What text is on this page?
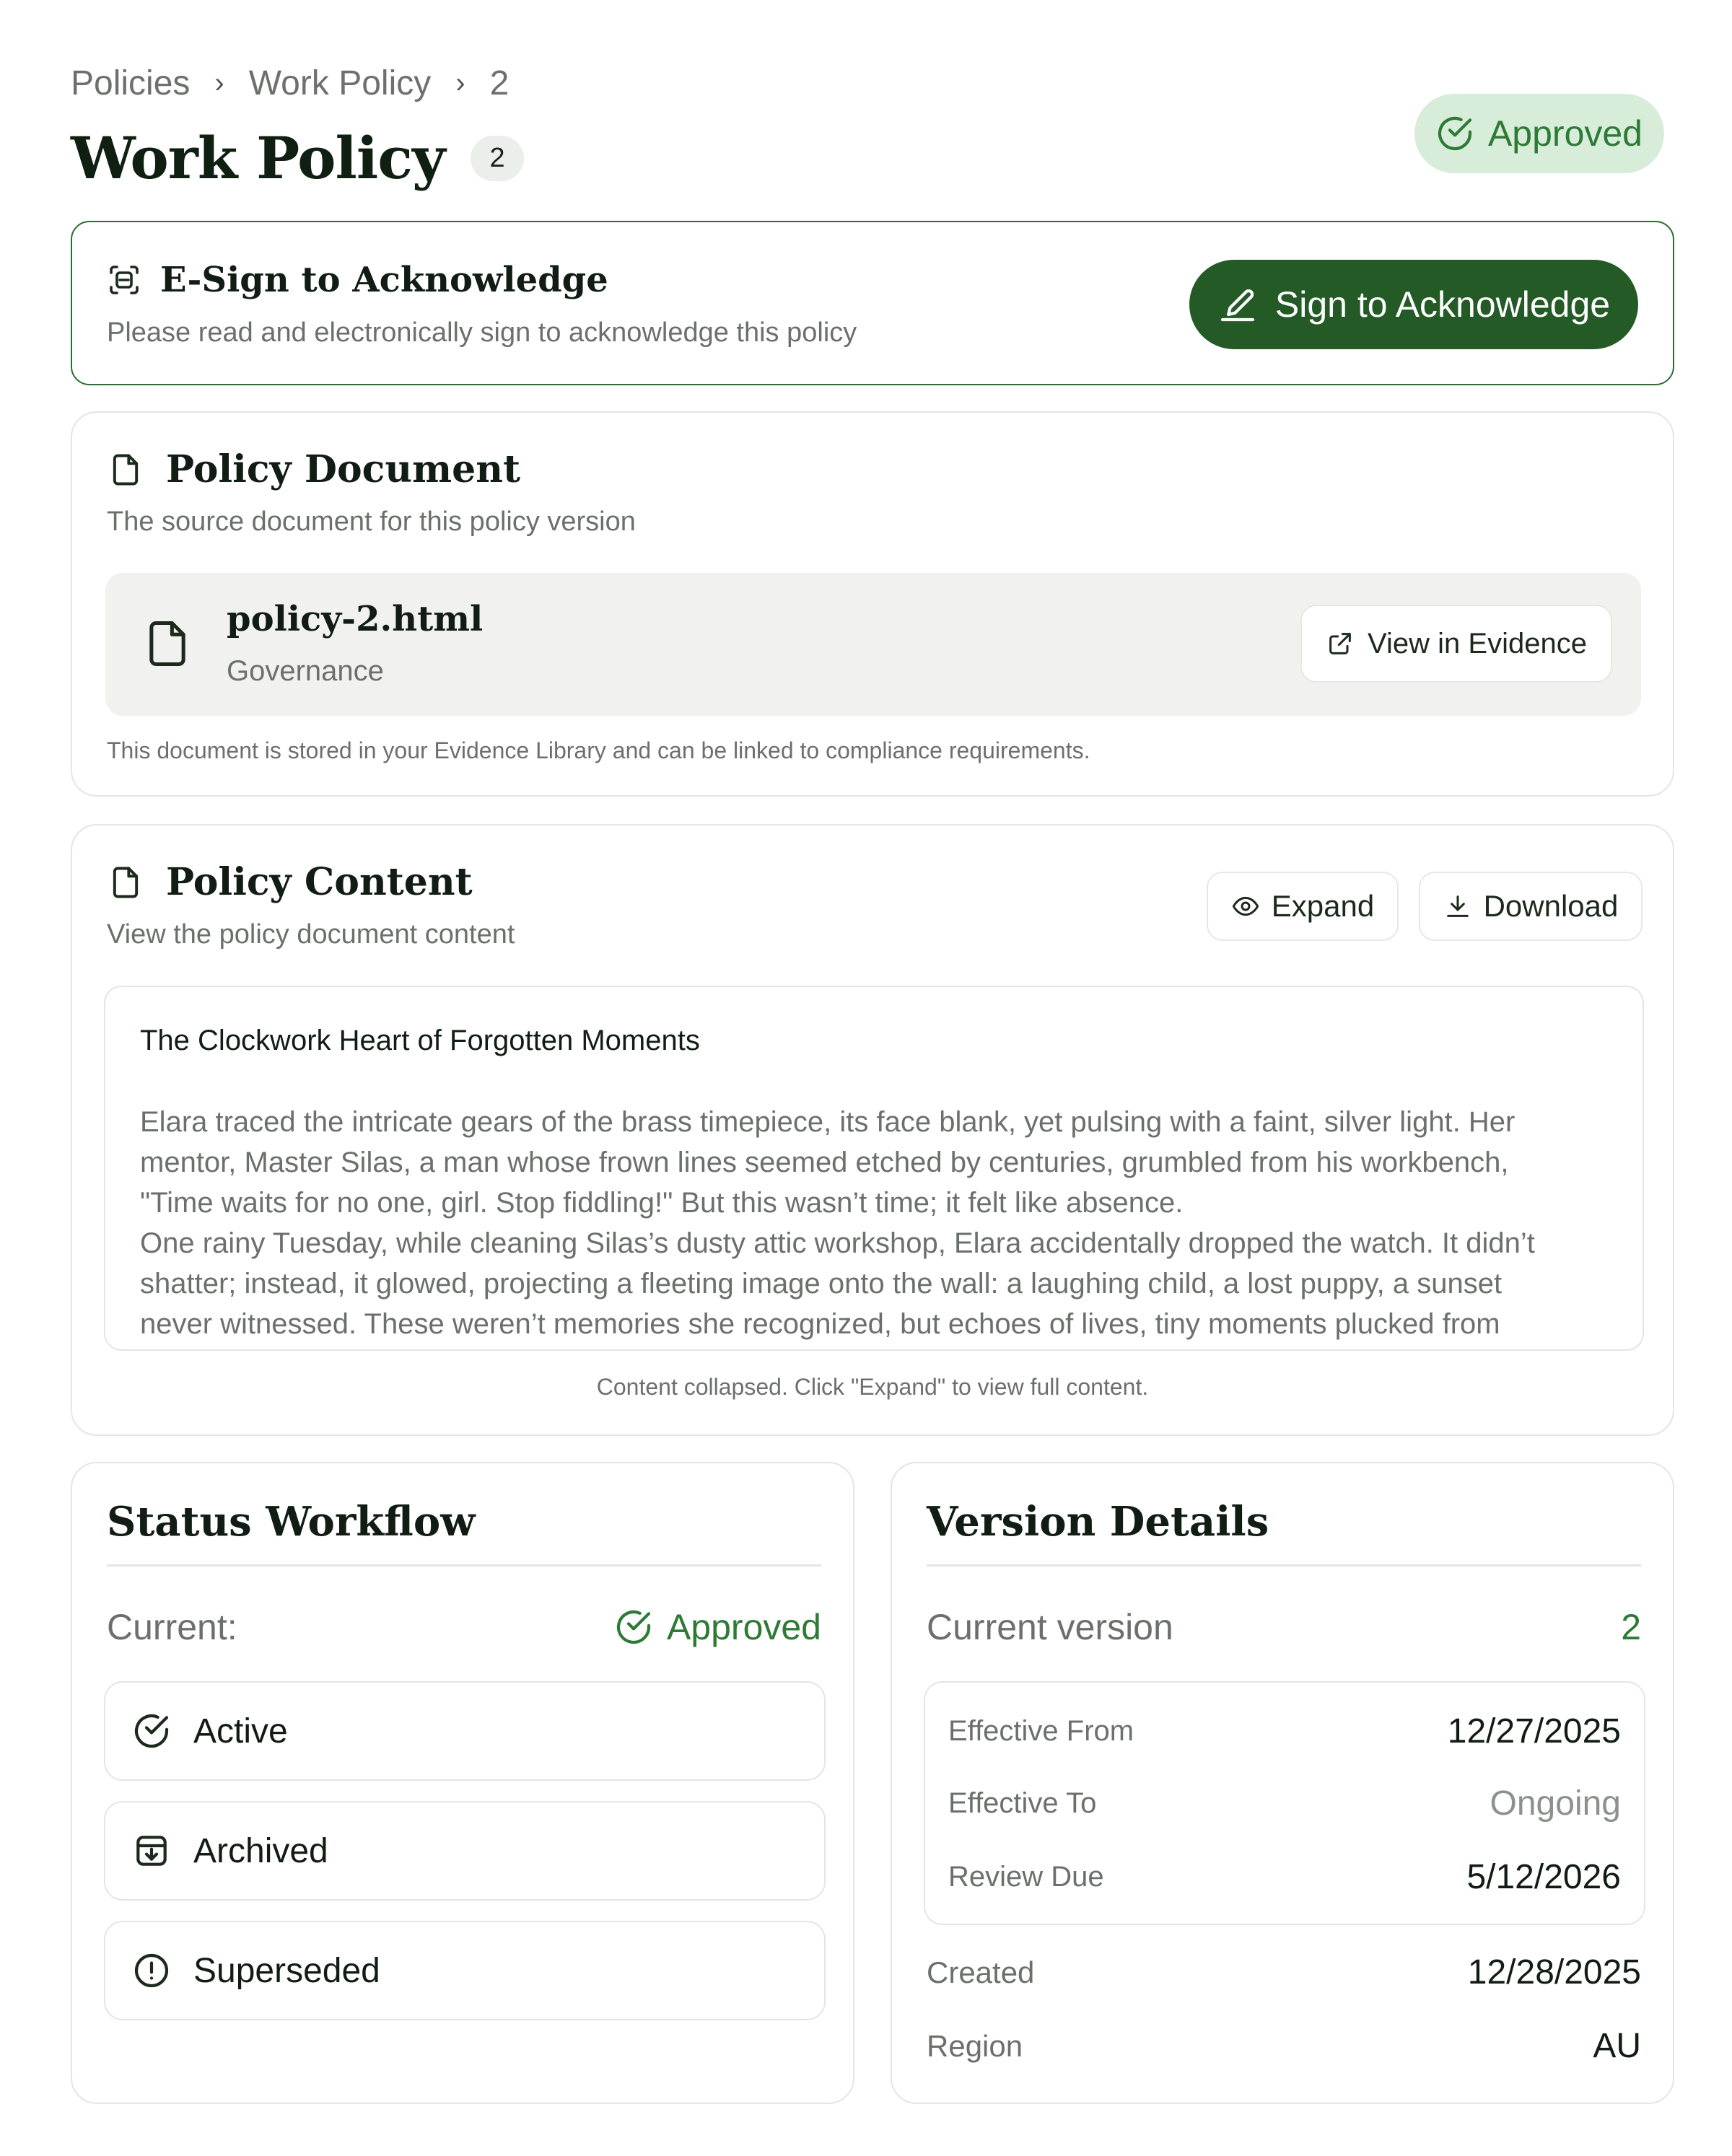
Policies › Work Policy › 2
Work Policy	2
Approved
E-Sign to Acknowledge
Please read and electronically sign to acknowledge this policy
Sign to Acknowledge
Policy Document
The source document for this policy version
policy-2.html
Governance
View in Evidence
This document is stored in your Evidence Library and can be linked to compliance requirements.
Policy Content
View the policy document content
Expand	Download
The Clockwork Heart of Forgotten Moments

Elara traced the intricate gears of the brass timepiece, its face blank, yet pulsing with a faint, silver light. Her
mentor, Master Silas, a man whose frown lines seemed etched by centuries, grumbled from his workbench,
"Time waits for no one, girl. Stop fiddling!" But this wasn’t time; it felt like absence.
One rainy Tuesday, while cleaning Silas’s dusty attic workshop, Elara accidentally dropped the watch. It didn’t
shatter; instead, it glowed, projecting a fleeting image onto the wall: a laughing child, a lost puppy, a sunset
never witnessed. These weren’t memories she recognized, but echoes of lives, tiny moments plucked from

Content collapsed. Click "Expand" to view full content.
Status Workflow
Current:	Approved
Active
Archived
Superseded
Version Details
Current version	2
Effective From	12/27/2025
Effective To	Ongoing
Review Due	5/12/2026
Created	12/28/2025
Region	AU
